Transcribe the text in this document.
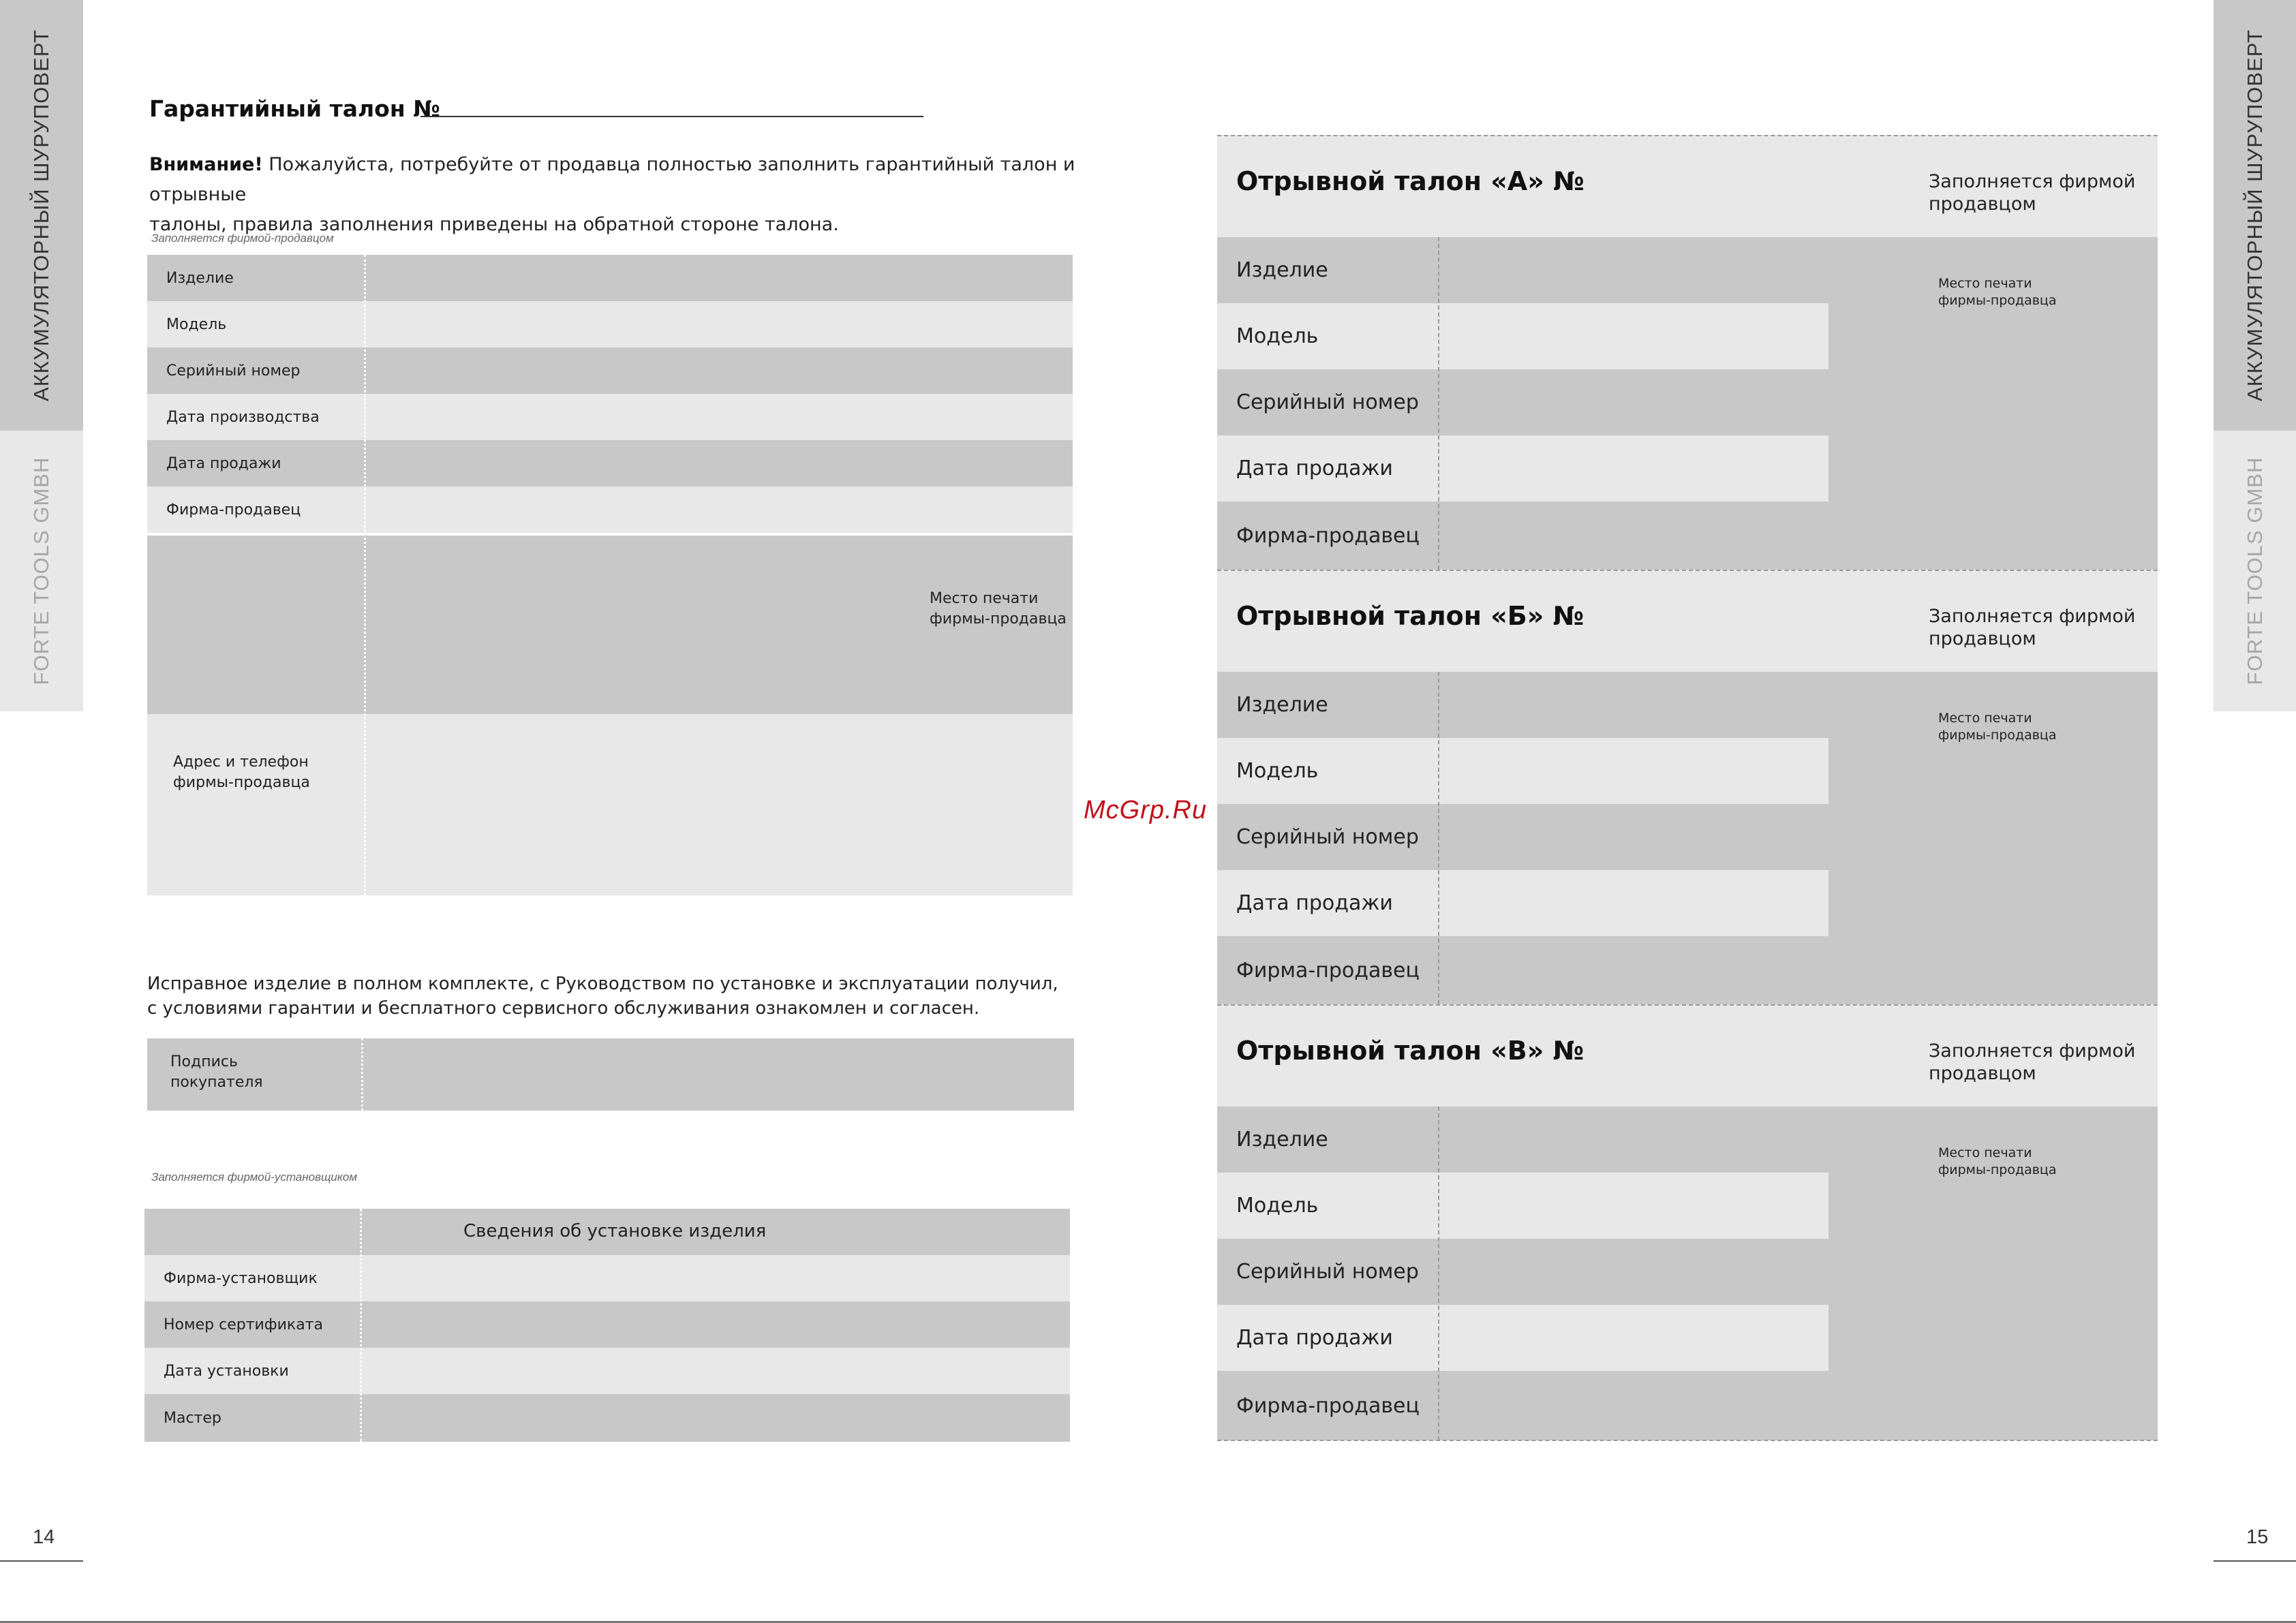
АККУМУЛЯТОРНЫЙ ШУРУПОВЕРТ
FORTE TOOLS GMBH
АККУМУЛЯТОРНЫЙ ШУРУПОВЕРТ
FORTE TOOLS GMBH
Гарантийный талон №
Внимание! Пожалуйста, потребуйте от продавца полностью заполнить гарантийный талон и отрывные
талоны, правила заполнения приведены на обратной стороне талона.
Заполняется фирмой-продавцом
Изделие
Модель
Серийный номер
Дата производства
Дата продажи
Фирма-продавец
Место печати
фирмы-продавца
Адрес и телефон
фирмы-продавца
Исправное изделие в полном комплекте, с Руководством по установке и эксплуатации получил,
с условиями гарантии и бесплатного сервисного обслуживания ознакомлен и согласен.
Подпись
покупателя
Заполняется фирмой-установщиком
Сведения об установке изделия
Фирма-установщик
Номер сертификата
Дата установки
Мастер
Отрывной талон «А» №	Заполняется фирмой
продавцом
Изделие
Модель
Серийный номер
Дата продажи
Фирма-продавец
Место печати
фирмы-продавца
Отрывной талон «Б» №	Заполняется фирмой
продавцом
Изделие
Модель
Серийный номер
Дата продажи
Фирма-продавец
Место печати
фирмы-продавца
Отрывной талон «В» №	Заполняется фирмой
продавцом
Изделие
Модель
Серийный номер
Дата продажи
Фирма-продавец
Место печати
фирмы-продавца
McGrp.Ru
14	15
